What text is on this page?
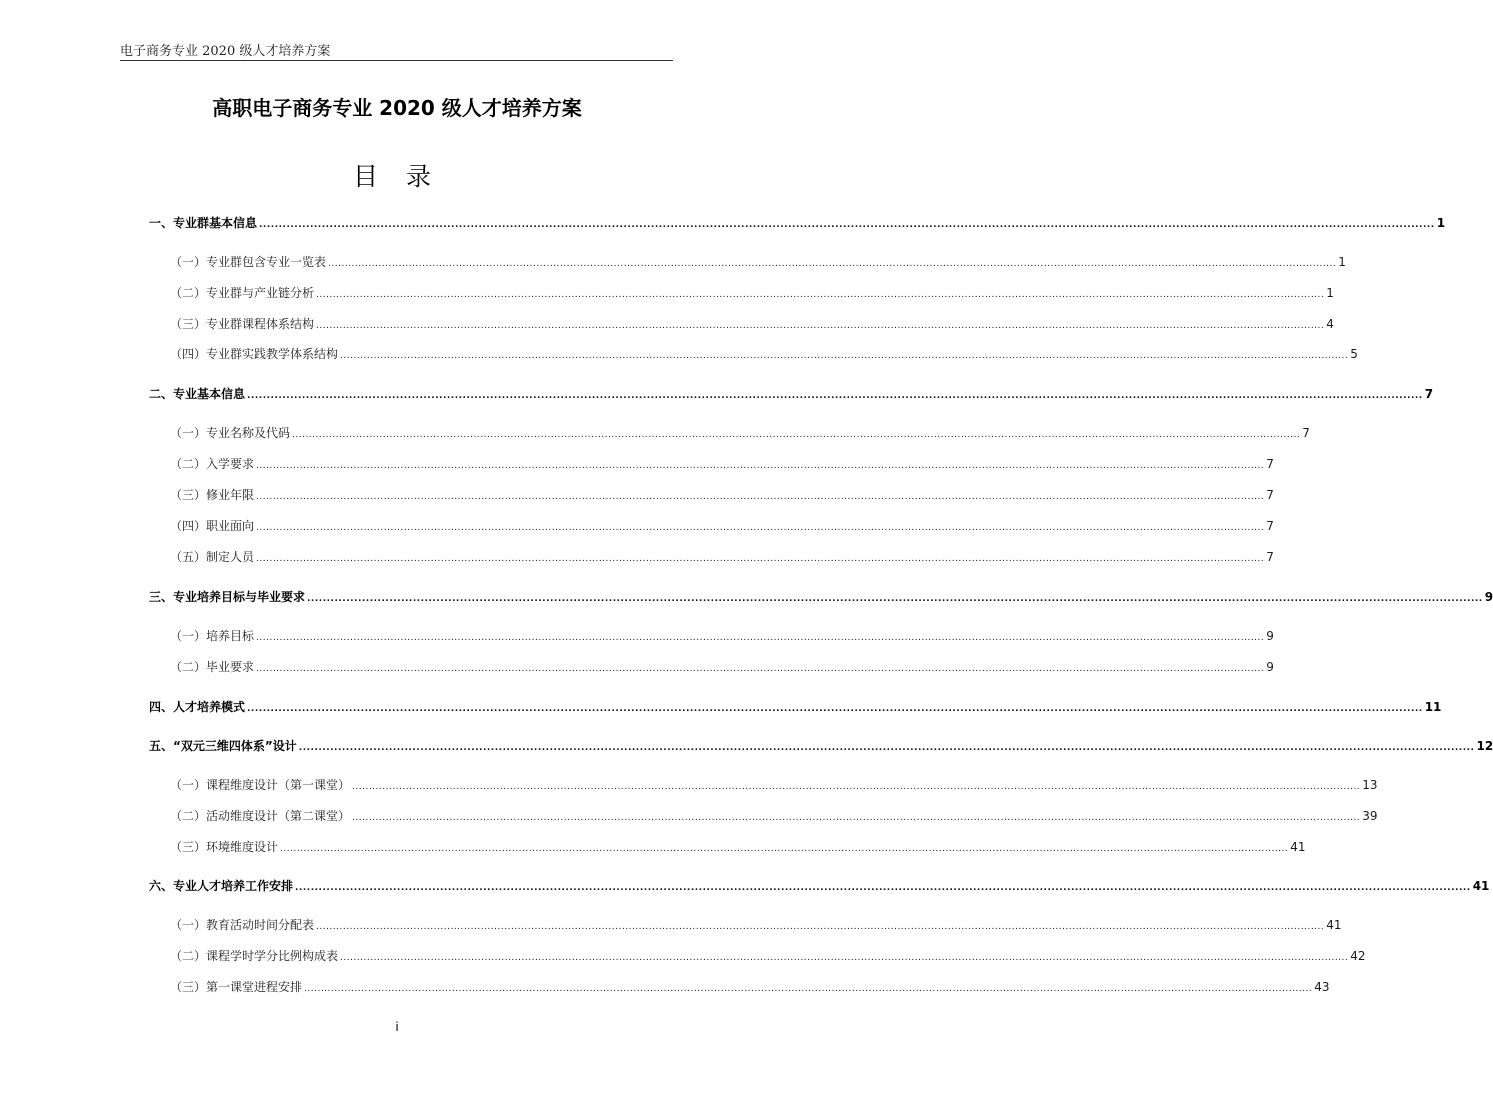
电子商务专业 2020 级人才培养方案
高职电子商务专业 2020 级人才培养方案
目 录
一、专业群基本信息 ............................................................................................................................................................................................................................................................................................................ 1
（一）专业群包含专业一览表 ............................................................................................................................................................................................................................................................................................................ 1
（二）专业群与产业链分析 ............................................................................................................................................................................................................................................................................................................ 1
（三）专业群课程体系结构 ............................................................................................................................................................................................................................................................................................................ 4
（四）专业群实践教学体系结构 ............................................................................................................................................................................................................................................................................................................ 5
二、专业基本信息 ............................................................................................................................................................................................................................................................................................................ 7
（一）专业名称及代码 ............................................................................................................................................................................................................................................................................................................ 7
（二）入学要求 ............................................................................................................................................................................................................................................................................................................ 7
（三）修业年限 ............................................................................................................................................................................................................................................................................................................ 7
（四）职业面向 ............................................................................................................................................................................................................................................................................................................ 7
（五）制定人员 ............................................................................................................................................................................................................................................................................................................ 7
三、专业培养目标与毕业要求 ............................................................................................................................................................................................................................................................................................................ 9
（一）培养目标 ............................................................................................................................................................................................................................................................................................................ 9
（二）毕业要求 ............................................................................................................................................................................................................................................................................................................ 9
四、人才培养模式 ............................................................................................................................................................................................................................................................................................................ 11
五、“双元三维四体系”设计 ............................................................................................................................................................................................................................................................................................................ 12
（一）课程维度设计（第一课堂） ............................................................................................................................................................................................................................................................................................................ 13
（二）活动维度设计（第二课堂） ............................................................................................................................................................................................................................................................................................................ 39
（三）环境维度设计 ............................................................................................................................................................................................................................................................................................................ 41
六、专业人才培养工作安排 ............................................................................................................................................................................................................................................................................................................ 41
（一）教育活动时间分配表 ............................................................................................................................................................................................................................................................................................................ 41
（二）课程学时学分比例构成表 ............................................................................................................................................................................................................................................................................................................ 42
（三）第一课堂进程安排 ............................................................................................................................................................................................................................................................................................................ 43
i
